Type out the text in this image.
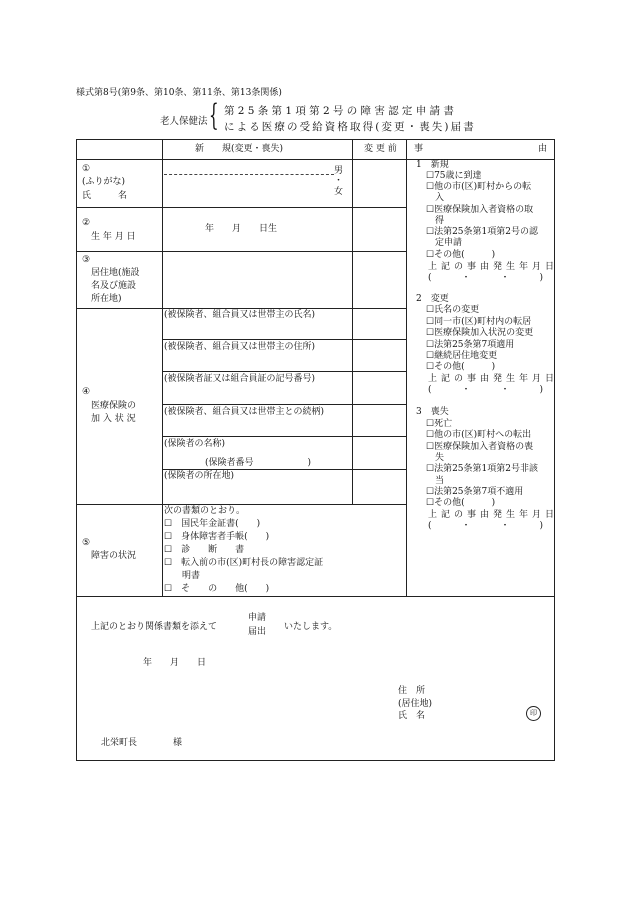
様式第8号(第9条、第10条、第11条、第13条関係)
老人保健法 { 第25条第1項第2号の障害認定申請書
による医療の受給資格取得(変更・喪失)届書
新　　規(変更・喪失)	変 更 前 事	由
①
(ふりがな)
氏　　　名
男
・
女
②
生 年 月 日
年　　月　　日生
③
居住地(施設
名及び施設
所在地)
④
医療保険の
加 入 状 況
(被保険者、組合員又は世帯主の氏名)
(被保険者、組合員又は世帯主の住所)
(被保険者証又は組合員証の記号番号)
(被保険者、組合員又は世帯主との続柄)
(保険者の名称)
(保険者番号　　　　　　)
(保険者の所在地)
⑤
障害の状況
次の書類のとおり。
☐　国民年金証書(　　)
☐　身体障害者手帳(　　)
☐　診　　断　　書
☐　転入前の市(区)町村長の障害認定証
　　明書
☐　そ　　の　　他(　　)
1　新規
☐75歳に到達
☐他の市(区)町村からの転
　入
☐医療保険加入者資格の取
　得
☐法第25条第1項第2号の認
　定申請
☐その他(　　　)
上記の事由発生年月日
(　　・　　・　　)
2　変更
☐氏名の変更
☐同一市(区)町村内の転居
☐医療保険加入状況の変更
☐法第25条第7項適用
☐継続居住地変更
☐その他(　　　)
上記の事由発生年月日
(　　・　　・　　)
3　喪失
☐死亡
☐他の市(区)町村への転出
☐医療保険加入者資格の喪
　失
☐法第25条第1項第2号非該
　当
☐法第25条第7項不適用
☐その他(　　　)
上記の事由発生年月日
(　　・　　・　　)
上記のとおり関係書類を添えて
申請
届出 いたします。
年　　月　　日
住　所
(居住地)
氏　名
北栄町長　　　　様
印
